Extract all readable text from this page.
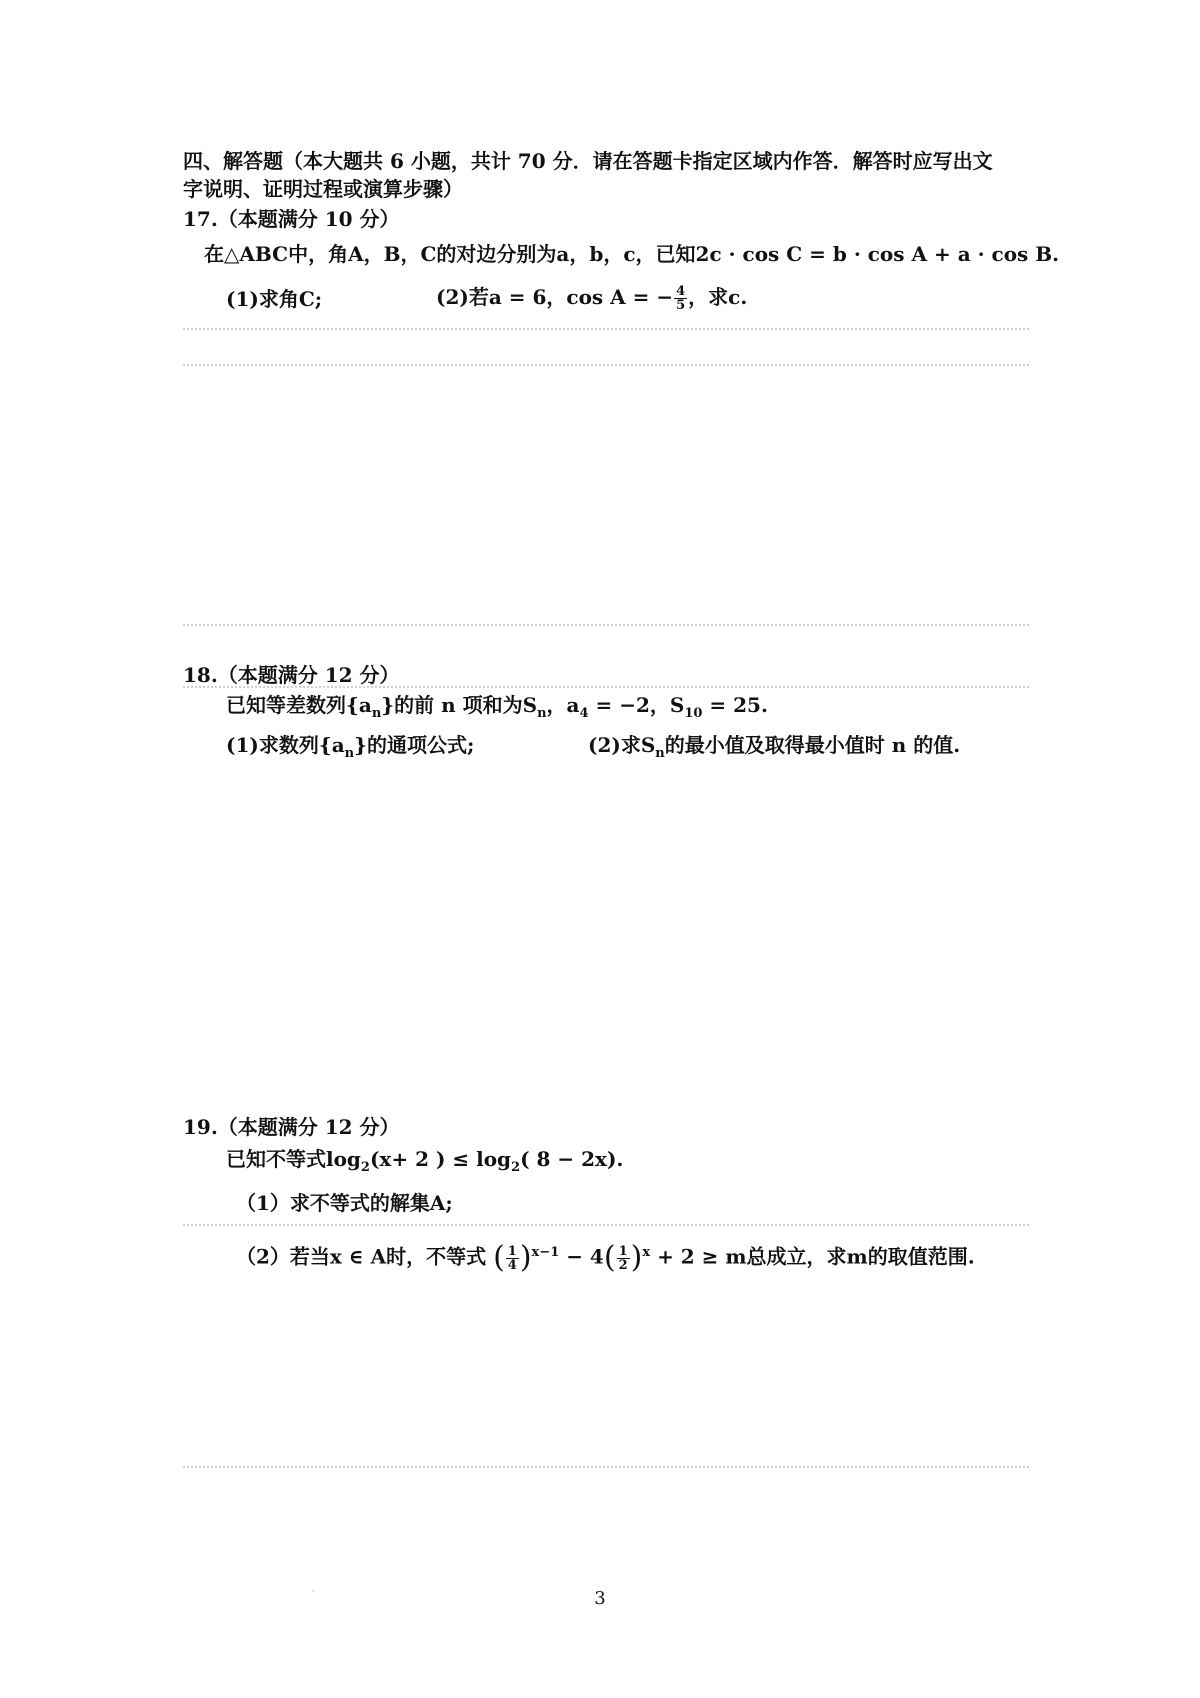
四、解答题（本大题共 6 小题，共计 70 分．请在答题卡指定区域内作答．解答时应写出文
字说明、证明过程或演算步骤）
17.（本题满分 10 分）
在△ABC中，角A，B，C的对边分别为a，b，c，已知2c · cos C = b · cos A + a · cos B.
(1)求角C;	(2)若a = 6，cos A = − $\frac{4}{5}$ ，求c.
18.（本题满分 12 分）
已知等差数列$\{a_n\}$的前 n 项和为$S_n$，$a_4 = -2$，$S_{10} = 25$.
(1)求数列$\{a_n\}$的通项公式;	(2)求$S_n$的最小值及取得最小值时 n 的值.
19.（本题满分 12 分）
已知不等式$\log_2(x+ 2$ ) ≤ $\log_2$( 8 − 2x).
（1）求不等式的解集A;
（2）若当x ∈ A时，不等式 ( $\frac{1}{4} )^{x-1} - 4( \frac{1}{2} )^x + 2 \ge m$总成立，求m的取值范围.
3
